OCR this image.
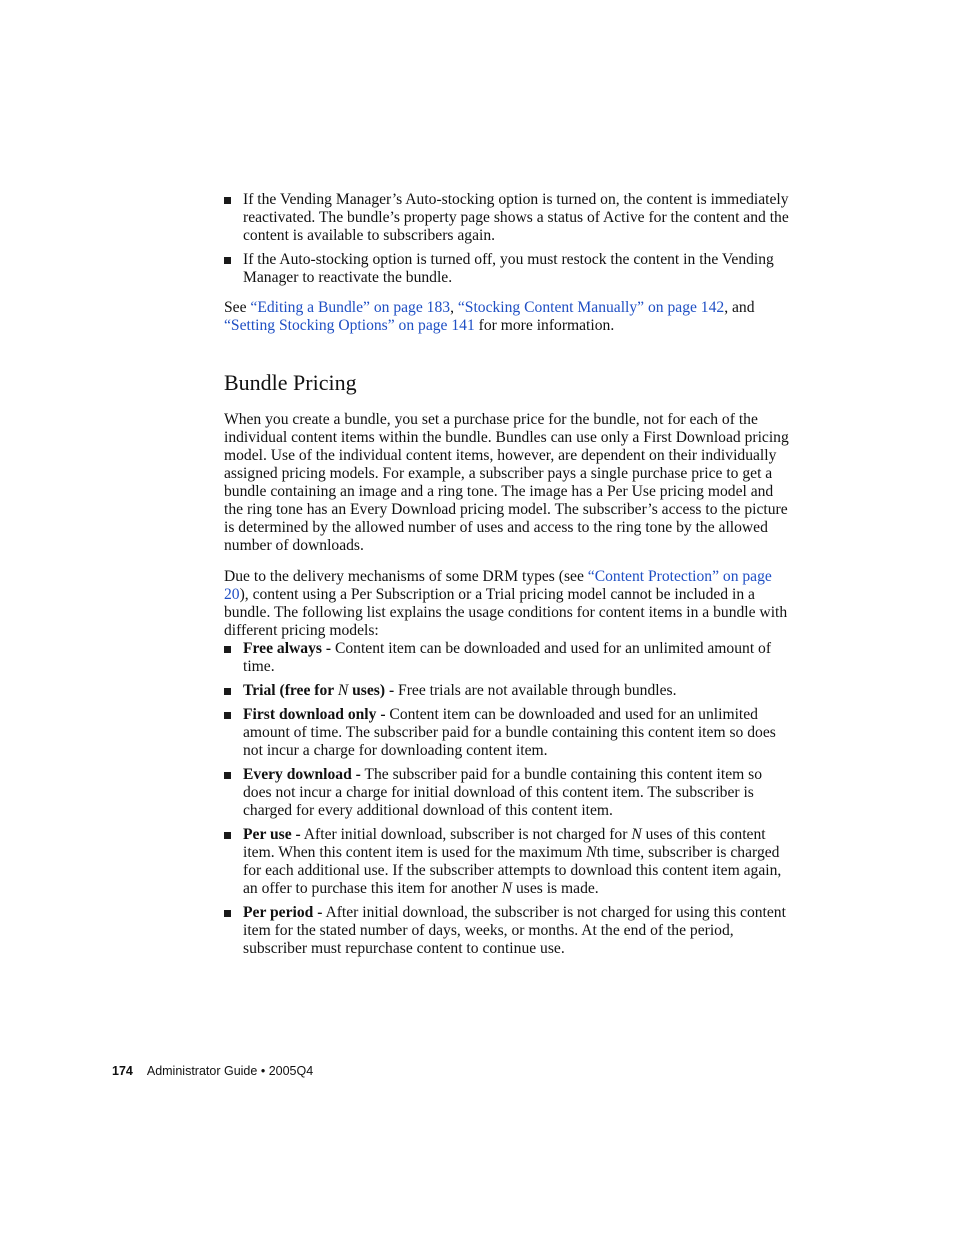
If the Vending Manager’s Auto-stocking option is turned on, the content is immediately reactivated. The bundle’s property page shows a status of Active for the content and the content is available to subscribers again.
If the Auto-stocking option is turned off, you must restock the content in the Vending Manager to reactivate the bundle.

See “Editing a Bundle” on page 183, “Stocking Content Manually” on page 142, and “Setting Stocking Options” on page 141 for more information.

Bundle Pricing

When you create a bundle, you set a purchase price for the bundle, not for each of the individual content items within the bundle. Bundles can use only a First Download pricing model. Use of the individual content items, however, are dependent on their individually assigned pricing models. For example, a subscriber pays a single purchase price to get a bundle containing an image and a ring tone. The image has a Per Use pricing model and the ring tone has an Every Download pricing model. The subscriber’s access to the picture is determined by the allowed number of uses and access to the ring tone by the allowed number of downloads.

Due to the delivery mechanisms of some DRM types (see “Content Protection” on page 20), content using a Per Subscription or a Trial pricing model cannot be included in a bundle. The following list explains the usage conditions for content items in a bundle with different pricing models:

Free always - Content item can be downloaded and used for an unlimited amount of time.
Trial (free for N uses) - Free trials are not available through bundles.
First download only - Content item can be downloaded and used for an unlimited amount of time. The subscriber paid for a bundle containing this content item so does not incur a charge for downloading content item.
Every download - The subscriber paid for a bundle containing this content item so does not incur a charge for initial download of this content item. The subscriber is charged for every additional download of this content item.
Per use - After initial download, subscriber is not charged for N uses of this content item. When this content item is used for the maximum Nth time, subscriber is charged for each additional use. If the subscriber attempts to download this content item again, an offer to purchase this item for another N uses is made.
Per period - After initial download, the subscriber is not charged for using this content item for the stated number of days, weeks, or months. At the end of the period, subscriber must repurchase content to continue use.
174 Administrator Guide • 2005Q4
